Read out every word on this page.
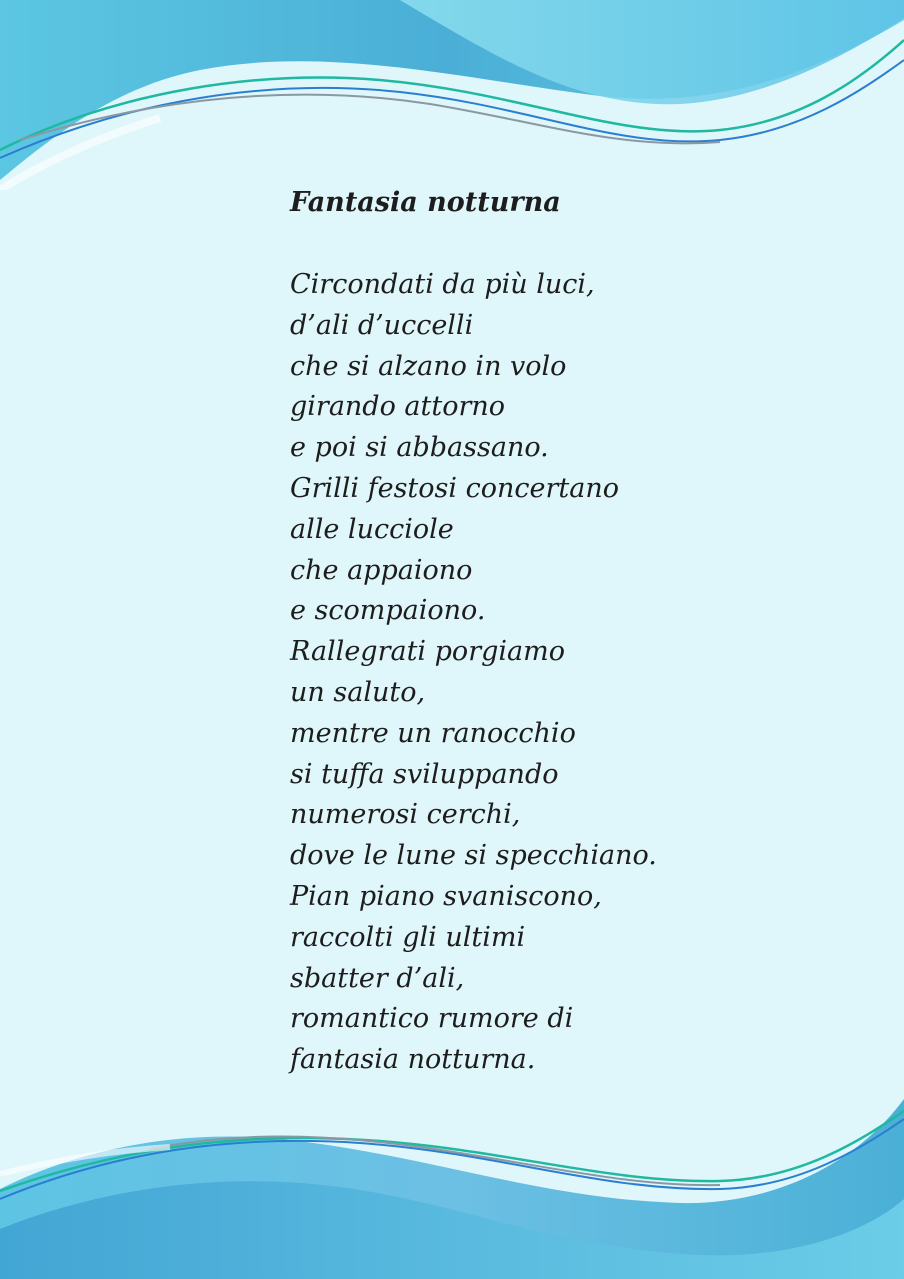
Fantasia notturna
Circondati da più luci,
d’ali d’uccelli
che si alzano in volo
girando attorno
e poi si abbassano.
Grilli festosi concertano
alle lucciole
che appaiono
e scompaiono.
Rallegrati porgiamo
un saluto,
mentre un ranocchio
si tuffa sviluppando
numerosi cerchi,
dove le lune si specchiano.
Pian piano svaniscono,
raccolti gli ultimi
sbatter d’ali,
romantico rumore di
fantasia notturna.
